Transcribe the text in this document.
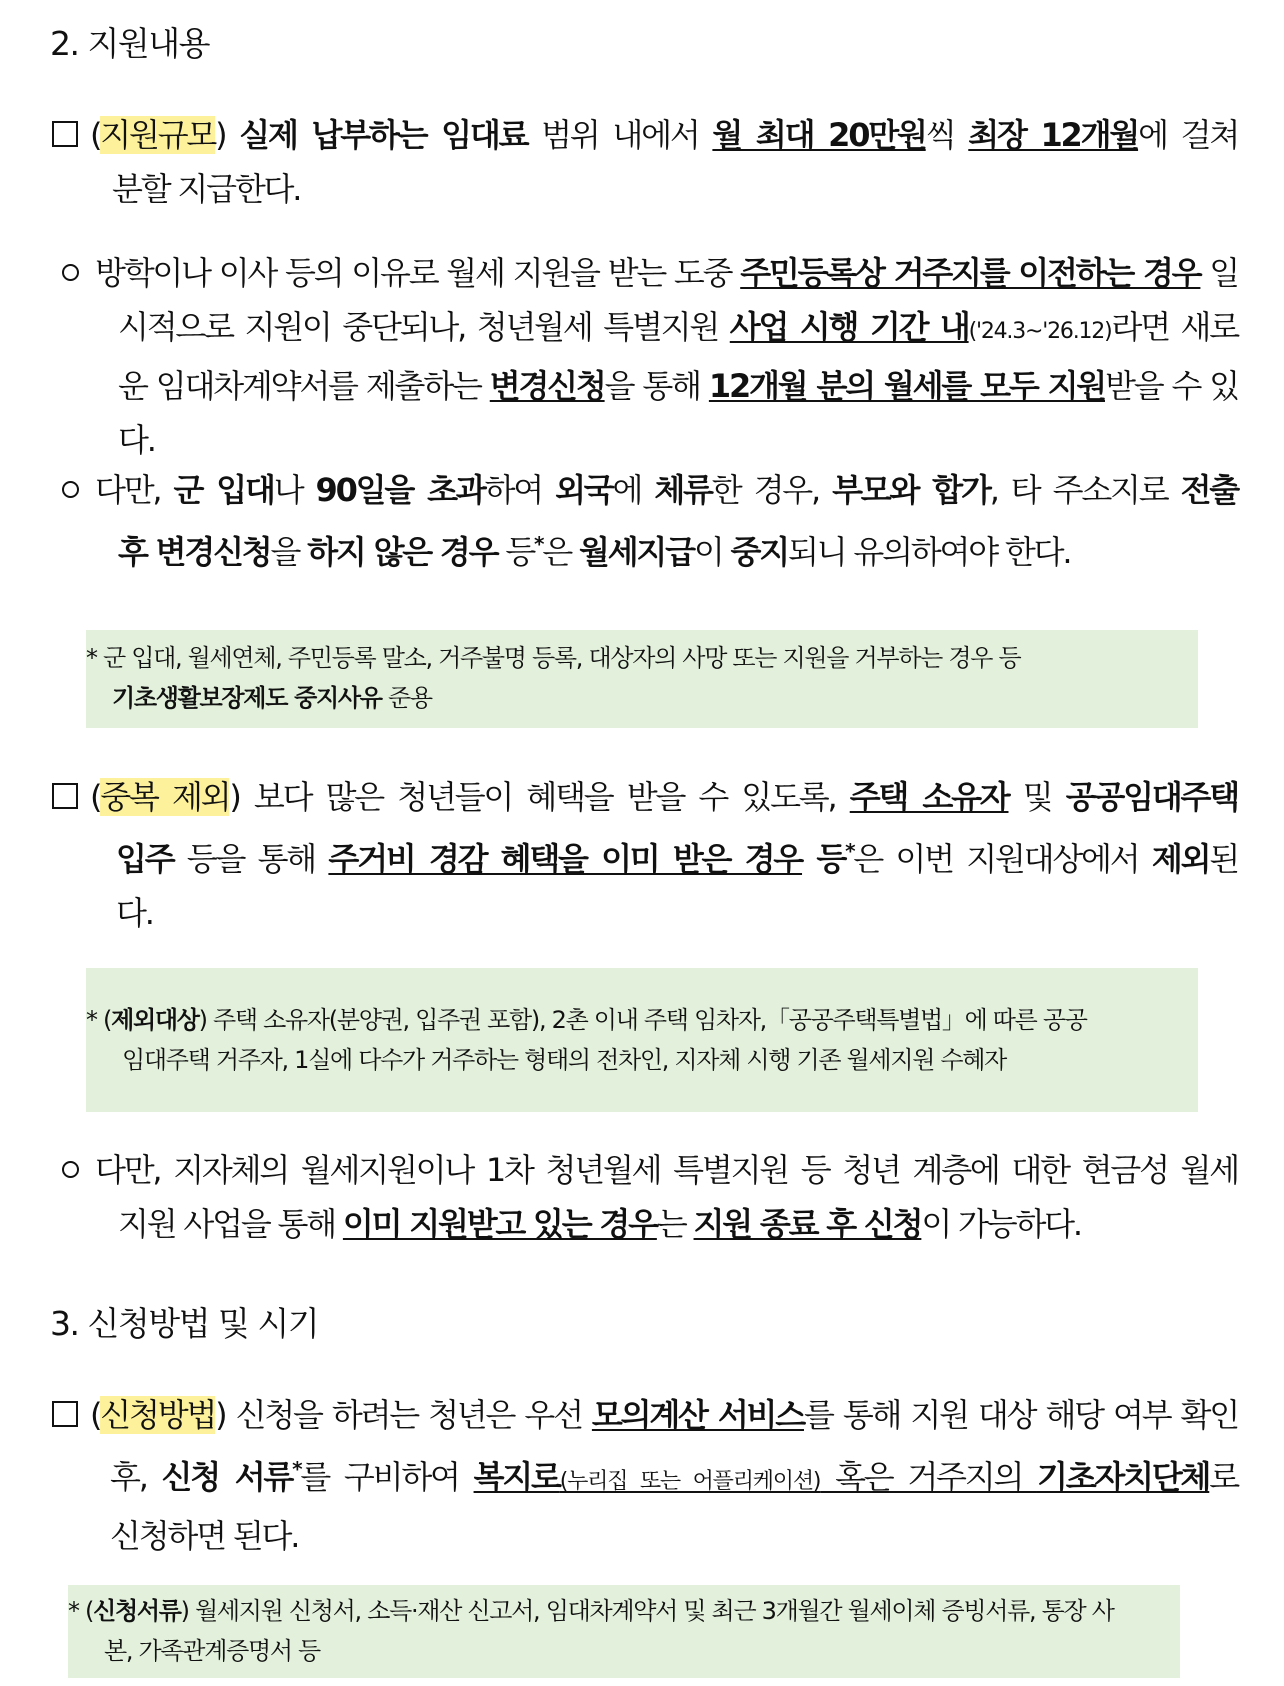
2. 지원내용
(지원규모) 실제 납부하는 임대료 범위 내에서 월 최대 20만원씩 최장 12개월에 걸쳐
분할 지급한다.
방학이나 이사 등의 이유로 월세 지원을 받는 도중 주민등록상 거주지를 이전하는 경우 일
시적으로 지원이 중단되나, 청년월세 특별지원 사업 시행 기간 내('24.3~'26.12)라면 새로
운 임대차계약서를 제출하는 변경신청을 통해 12개월 분의 월세를 모두 지원받을 수 있
다.
다만, 군 입대나 90일을 초과하여 외국에 체류한 경우, 부모와 합가, 타 주소지로 전출
후 변경신청을 하지 않은 경우 등*은 월세지급이 중지되니 유의하여야 한다.
* 군 입대, 월세연체, 주민등록 말소, 거주불명 등록, 대상자의 사망 또는 지원을 거부하는 경우 등
기초생활보장제도 중지사유 준용
(중복 제외) 보다 많은 청년들이 혜택을 받을 수 있도록, 주택 소유자 및 공공임대주택
입주 등을 통해 주거비 경감 혜택을 이미 받은 경우 등*은 이번 지원대상에서 제외된
다.
* (제외대상) 주택 소유자(분양권, 입주권 포함), 2촌 이내 주택 임차자,「공공주택특별법」에 따른 공공
임대주택 거주자, 1실에 다수가 거주하는 형태의 전차인, 지자체 시행 기존 월세지원 수혜자
다만, 지자체의 월세지원이나 1차 청년월세 특별지원 등 청년 계층에 대한 현금성 월세
지원 사업을 통해 이미 지원받고 있는 경우는 지원 종료 후 신청이 가능하다.
3. 신청방법 및 시기
(신청방법) 신청을 하려는 청년은 우선 모의계산 서비스를 통해 지원 대상 해당 여부 확인
후, 신청 서류*를 구비하여 복지로(누리집 또는 어플리케이션) 혹은 거주지의 기초자치단체로
신청하면 된다.
* (신청서류) 월세지원 신청서, 소득·재산 신고서, 임대차계약서 및 최근 3개월간 월세이체 증빙서류, 통장 사
본, 가족관계증명서 등
